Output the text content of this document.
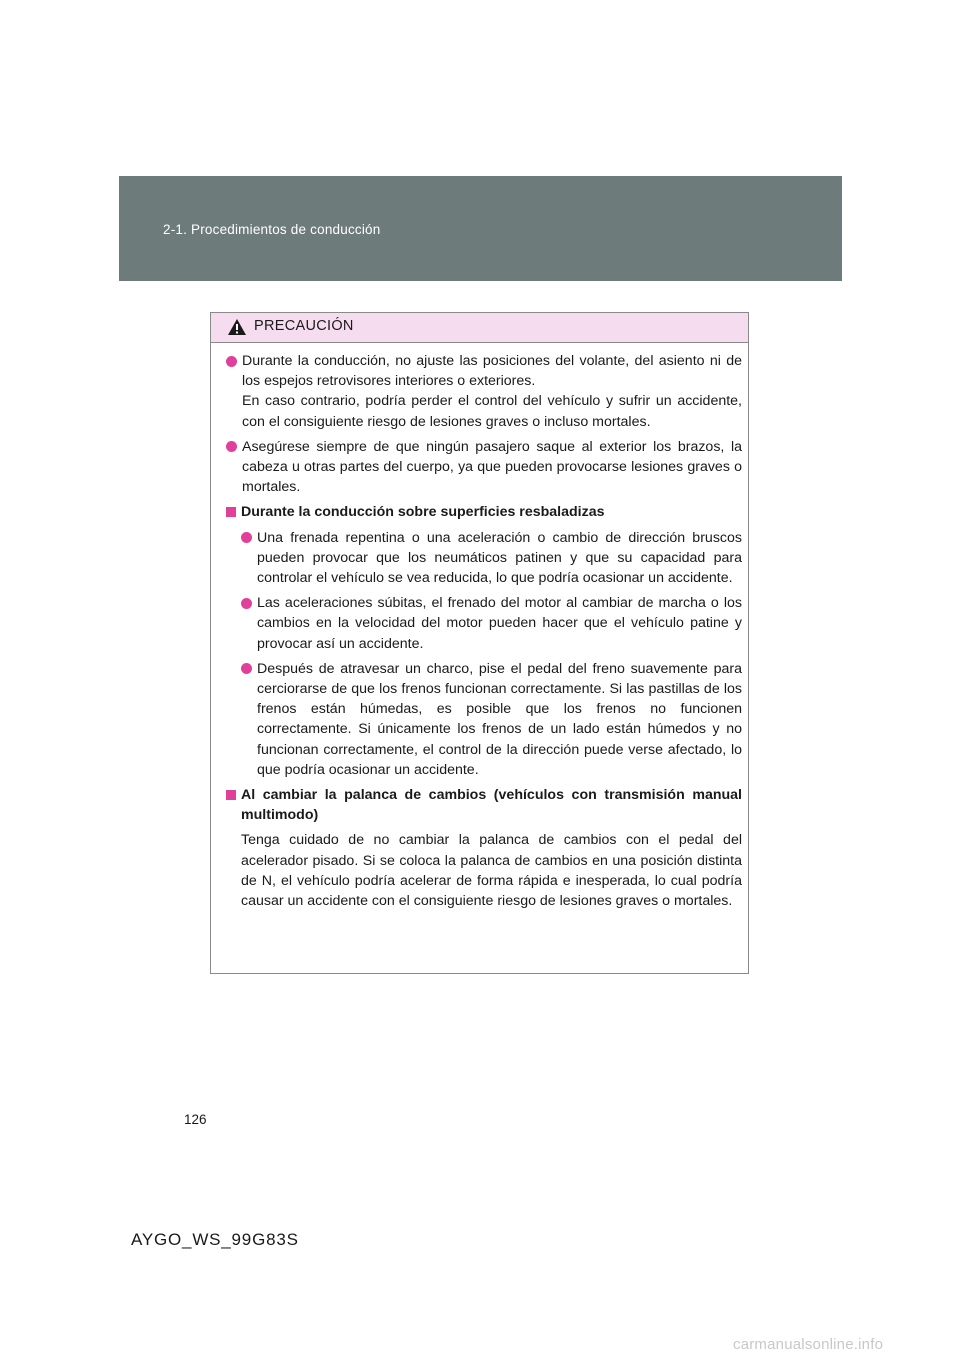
2-1. Procedimientos de conducción
PRECAUCIÓN

Durante la conducción, no ajuste las posiciones del volante, del asiento ni de los espejos retrovisores interiores o exteriores.
En caso contrario, podría perder el control del vehículo y sufrir un accidente, con el consiguiente riesgo de lesiones graves o incluso mortales.

Asegúrese siempre de que ningún pasajero saque al exterior los brazos, la cabeza u otras partes del cuerpo, ya que pueden provocarse lesiones graves o mortales.

Durante la conducción sobre superficies resbaladizas

Una frenada repentina o una aceleración o cambio de dirección bruscos pueden provocar que los neumáticos patinen y que su capacidad para controlar el vehículo se vea reducida, lo que podría ocasionar un accidente.

Las aceleraciones súbitas, el frenado del motor al cambiar de marcha o los cambios en la velocidad del motor pueden hacer que el vehículo patine y provocar así un accidente.

Después de atravesar un charco, pise el pedal del freno suavemente para cerciorarse de que los frenos funcionan correctamente. Si las pastillas de los frenos están húmedas, es posible que los frenos no funcionen correctamente. Si únicamente los frenos de un lado están húmedos y no funcionan correctamente, el control de la dirección puede verse afectado, lo que podría ocasionar un accidente.

Al cambiar la palanca de cambios (vehículos con transmisión manual multimodo)

Tenga cuidado de no cambiar la palanca de cambios con el pedal del acelerador pisado. Si se coloca la palanca de cambios en una posición distinta de N, el vehículo podría acelerar de forma rápida e inesperada, lo cual podría causar un accidente con el consiguiente riesgo de lesiones graves o mortales.

126
AYGO_WS_99G83S
carmanualsonline.info
